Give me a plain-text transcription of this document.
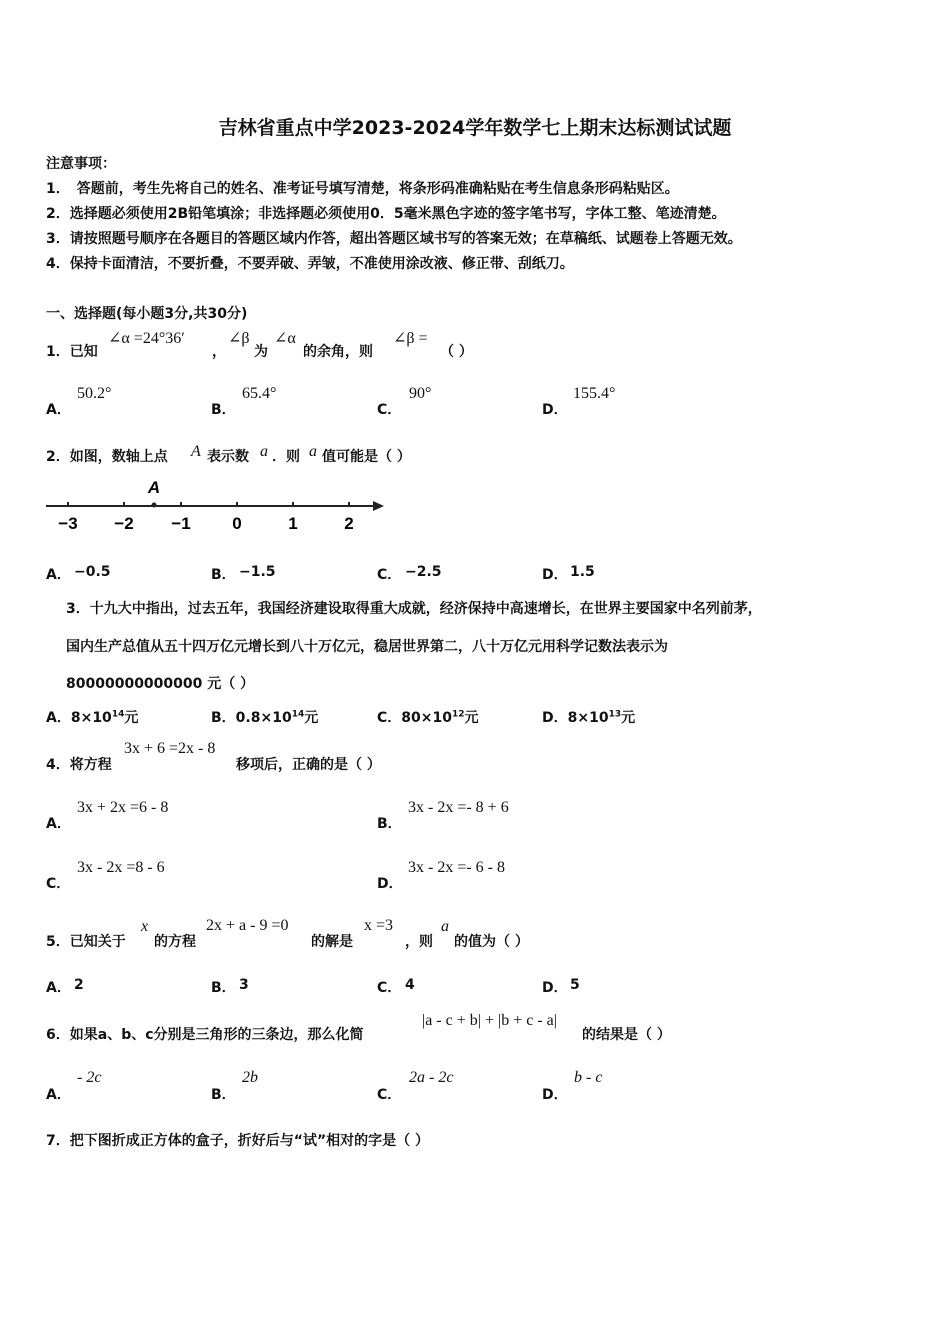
吉林省重点中学2023-2024学年数学七上期末达标测试试题
注意事项：
1．　答题前，考生先将自己的姓名、准考证号填写清楚，将条形码准确粘贴在考生信息条形码粘贴区。
2．选择题必须使用2B铅笔填涂；非选择题必须使用0．5毫米黑色字迹的签字笔书写，字体工整、笔迹清楚。
3．请按照题号顺序在各题目的答题区域内作答，超出答题区域书写的答案无效；在草稿纸、试题卷上答题无效。
4．保持卡面清洁，不要折叠，不要弄破、弄皱，不准使用涂改液、修正带、刮纸刀。
一、选择题(每小题3分,共30分)
1．已知
∠α =24°36′
，
∠β
为
∠α
的余角，则
∠β =
（ ）
A．
50.2°
B．
65.4°
C．
90°
D．
155.4°
2．如图，数轴上点 A 表示数 a ．则 a 值可能是（ ）
A
−3 −2 −1 0	1	2
A． −0.5	B． −1.5	C． −2.5	D． 1.5
3．十九大中指出，过去五年，我国经济建设取得重大成就，经济保持中高速增长，在世界主要国家中名列前茅，
国内生产总值从五十四万亿元增长到八十万亿元，稳居世界第二，八十万亿元用科学记数法表示为
80000000000000 元（ ）
A．$8\times 10^{14}$元	B．$0.8\times 10^{14}$元	C．$80\times 10^{12}$元	D．$8\times 10^{13}$元
4．将方程
3x + 6 =2x - 8
移项后，正确的是（ ）
A．
3x + 2x =6 - 8
B．
3x - 2x =- 8 + 6
C．
3x - 2x =8 - 6
D．
3x - 2x =- 6 - 8
5．已知关于
x
的方程
2x + a - 9 =0
的解是
x =3
，则
a
的值为（ ）
A． 2	B． 3	C． 4	D． 5
6．如果a、b、c分别是三角形的三条边，那么化简
|a - c + b| + |b + c - a|
的结果是（ ）
A．
- 2c
B．
2b
C．
2a - 2c
D．
b - c
7．把下图折成正方体的盒子，折好后与“试”相对的字是（ ）
